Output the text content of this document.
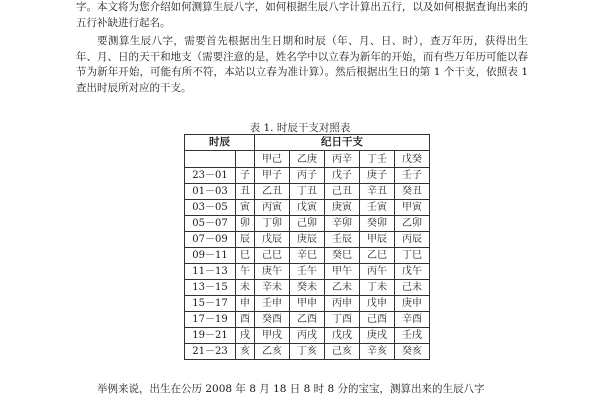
字。本文将为您介绍如何测算生辰八字，如何根据生辰八字计算出五行，以及如何根据查询出来的五行补缺进行起名。

要测算生辰八字，需要首先根据出生日期和时辰（年、月、日、时），查万年历，获得出生年、月、日的天干和地支（需要注意的是，姓名学中以立春为新年的开始，而有些万年历可能以春节为新年开始，可能有所不符，本站以立春为准计算）。然后根据出生日的第 1 个干支，依照表 1 查出时辰所对应的干支。

表 1. 时辰干支对照表
时辰		纪日干支				
		甲己	乙庚	丙辛	丁壬	戊癸
23－01	子	甲子	丙子	戊子	庚子	壬子
01－03	丑	乙丑	丁丑	己丑	辛丑	癸丑
03－05	寅	丙寅	戊寅	庚寅	壬寅	甲寅
05－07	卯	丁卯	己卯	辛卯	癸卯	乙卯
07－09	辰	戊辰	庚辰	壬辰	甲辰	丙辰
09－11	巳	己巳	辛巳	癸巳	乙巳	丁巳
11－13	午	庚午	壬午	甲午	丙午	戊午
13－15	未	辛未	癸未	乙未	丁未	己未
15－17	申	壬申	甲申	丙申	戊申	庚申
17－19	酉	癸酉	乙酉	丁酉	己酉	辛酉
19－21	戌	甲戌	丙戌	戊戌	庚戌	壬戌
21－23	亥	乙亥	丁亥	己亥	辛亥	癸亥

举例来说，出生在公历 2008 年 8 月 18 日 8 时 8 分的宝宝，测算出来的生辰八字
